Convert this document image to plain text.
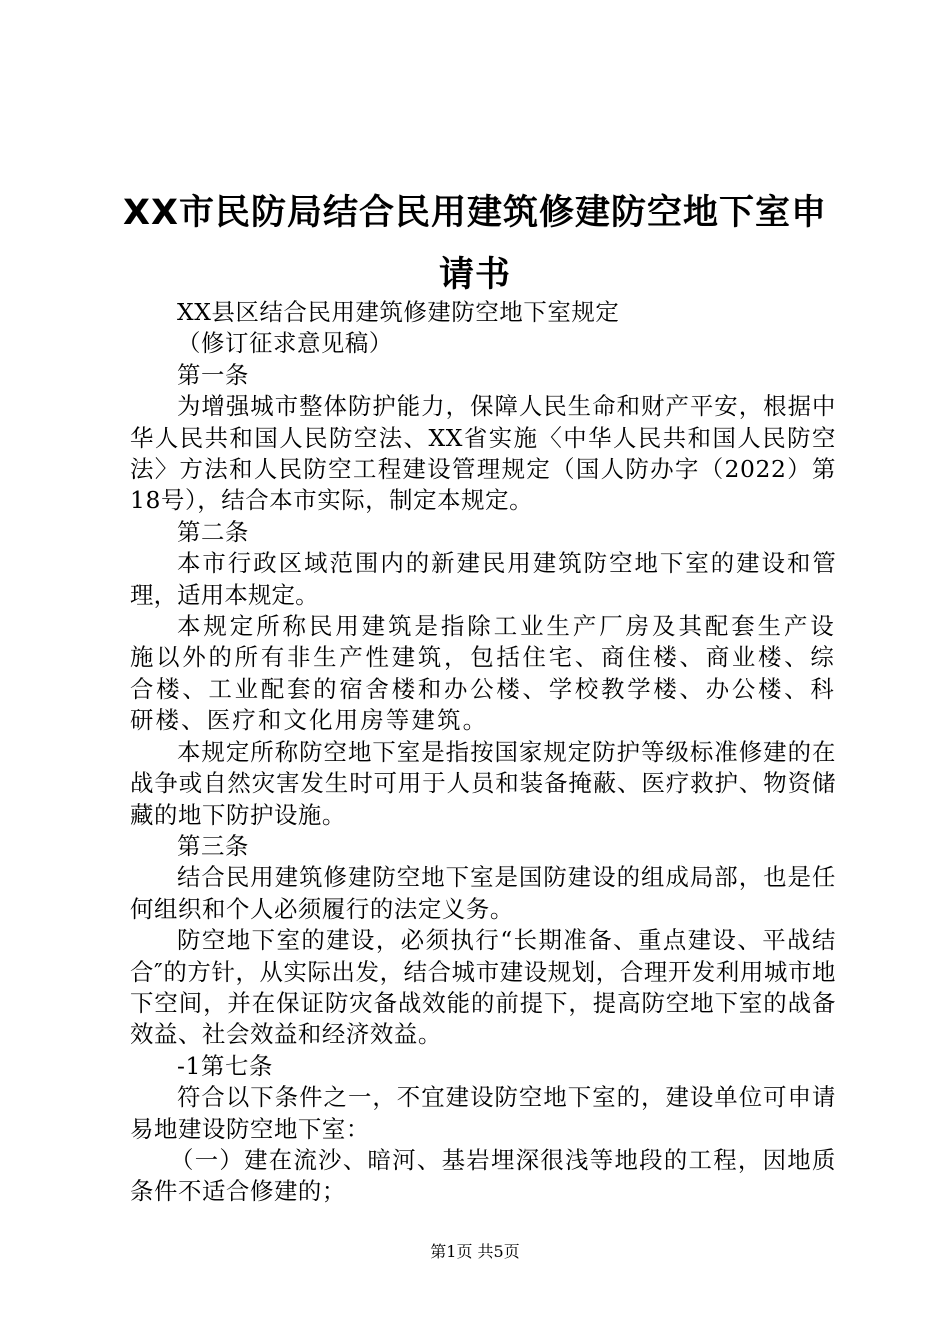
XX市民防局结合民用建筑修建防空地下室申
请书

XX县区结合民用建筑修建防空地下室规定

（修订征求意见稿）

第一条

为增强城市整体防护能力，保障人民生命和财产平安，根据中华人民共和国人民防空法、XX省实施〈中华人民共和国人民防空法〉方法和人民防空工程建设管理规定（国人防办字（2022）第18号），结合本市实际，制定本规定。

第二条

本市行政区域范围内的新建民用建筑防空地下室的建设和管理，适用本规定。

本规定所称民用建筑是指除工业生产厂房及其配套生产设施以外的所有非生产性建筑，包括住宅、商住楼、商业楼、综合楼、工业配套的宿舍楼和办公楼、学校教学楼、办公楼、科研楼、医疗和文化用房等建筑。

本规定所称防空地下室是指按国家规定防护等级标准修建的在战争或自然灾害发生时可用于人员和装备掩蔽、医疗救护、物资储藏的地下防护设施。

第三条

结合民用建筑修建防空地下室是国防建设的组成局部，也是任何组织和个人必须履行的法定义务。

防空地下室的建设，必须执行“长期准备、重点建设、平战结合″的方针，从实际出发，结合城市建设规划，合理开发利用城市地下空间，并在保证防灾备战效能的前提下，提高防空地下室的战备效益、社会效益和经济效益。

-1第七条

符合以下条件之一，不宜建设防空地下室的，建设单位可申请易地建设防空地下室：

（一）建在流沙、暗河、基岩埋深很浅等地段的工程，因地质条件不适合修建的；

第1页 共5页
